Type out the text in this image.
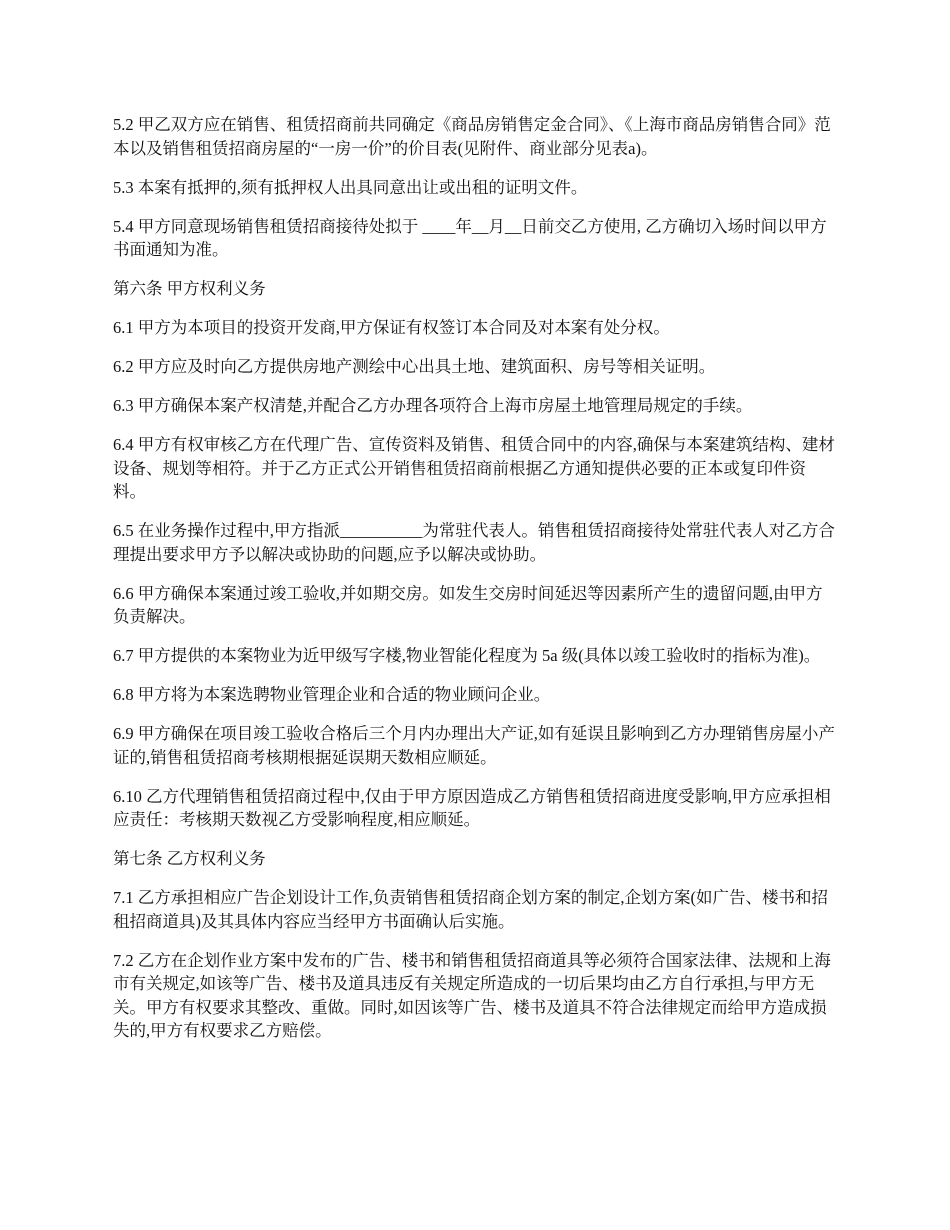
5.2 甲乙双方应在销售、租赁招商前共同确定《商品房销售定金合同》、《上海市商品房销售合同》范本以及销售租赁招商房屋的“一房一价”的价目表(见附件、商业部分见表a)。

5.3 本案有抵押的,须有抵押权人出具同意出让或出租的证明文件。

5.4 甲方同意现场销售租赁招商接待处拟于 ____年__月__日前交乙方使用, 乙方确切入场时间以甲方书面通知为准。

第六条 甲方权利义务

6.1 甲方为本项目的投资开发商,甲方保证有权签订本合同及对本案有处分权。

6.2 甲方应及时向乙方提供房地产测绘中心出具土地、建筑面积、房号等相关证明。

6.3 甲方确保本案产权清楚,并配合乙方办理各项符合上海市房屋土地管理局规定的手续。

6.4 甲方有权审核乙方在代理广告、宣传资料及销售、租赁合同中的内容,确保与本案建筑结构、建材设备、规划等相符。并于乙方正式公开销售租赁招商前根据乙方通知提供必要的正本或复印件资料。

6.5 在业务操作过程中,甲方指派__________为常驻代表人。销售租赁招商接待处常驻代表人对乙方合理提出要求甲方予以解决或协助的问题,应予以解决或协助。

6.6 甲方确保本案通过竣工验收,并如期交房。如发生交房时间延迟等因素所产生的遗留问题,由甲方负责解决。

6.7 甲方提供的本案物业为近甲级写字楼,物业智能化程度为 5a 级(具体以竣工验收时的指标为准)。

6.8 甲方将为本案选聘物业管理企业和合适的物业顾问企业。

6.9 甲方确保在项目竣工验收合格后三个月内办理出大产证,如有延误且影响到乙方办理销售房屋小产证的,销售租赁招商考核期根据延误期天数相应顺延。

6.10 乙方代理销售租赁招商过程中,仅由于甲方原因造成乙方销售租赁招商进度受影响,甲方应承担相应责任：考核期天数视乙方受影响程度,相应顺延。

第七条 乙方权利义务

7.1 乙方承担相应广告企划设计工作,负责销售租赁招商企划方案的制定,企划方案(如广告、楼书和招租招商道具)及其具体内容应当经甲方书面确认后实施。

7.2 乙方在企划作业方案中发布的广告、楼书和销售租赁招商道具等必须符合国家法律、法规和上海市有关规定,如该等广告、楼书及道具违反有关规定所造成的一切后果均由乙方自行承担,与甲方无关。甲方有权要求其整改、重做。同时,如因该等广告、楼书及道具不符合法律规定而给甲方造成损失的,甲方有权要求乙方赔偿。
